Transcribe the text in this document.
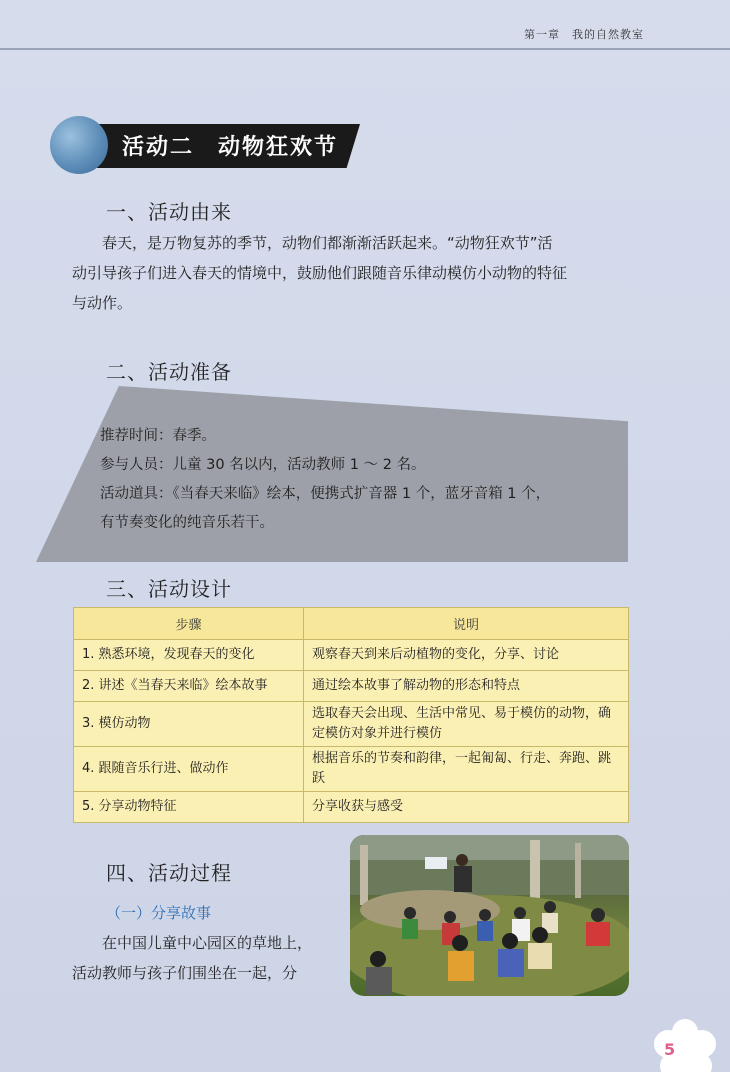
第一章　我的自然教室
活动二　动物狂欢节
一、活动由来

春天，是万物复苏的季节，动物们都渐渐活跃起来。“动物狂欢节”活

动引导孩子们进入春天的情境中，鼓励他们跟随音乐律动模仿小动物的特征

与动作。

二、活动准备
推荐时间：春季。
参与人员：儿童 30 名以内，活动教师 1 ～ 2 名。
活动道具：《当春天来临》绘本，便携式扩音器 1 个，蓝牙音箱 1 个，
有节奏变化的纯音乐若干。
三、活动设计
步骤	说明
1. 熟悉环境，发现春天的变化	观察春天到来后动植物的变化，分享、讨论
2. 讲述《当春天来临》绘本故事	通过绘本故事了解动物的形态和特点
3. 模仿动物	选取春天会出现、生活中常见、易于模仿的动物，确定模仿对象并进行模仿
4. 跟随音乐行进、做动作	根据音乐的节奏和韵律，一起匍匐、行走、奔跑、跳跃
5. 分享动物特征	分享收获与感受
四、活动过程
（一）分享故事

在中国儿童中心园区的草地上，

活动教师与孩子们围坐在一起，分

5
